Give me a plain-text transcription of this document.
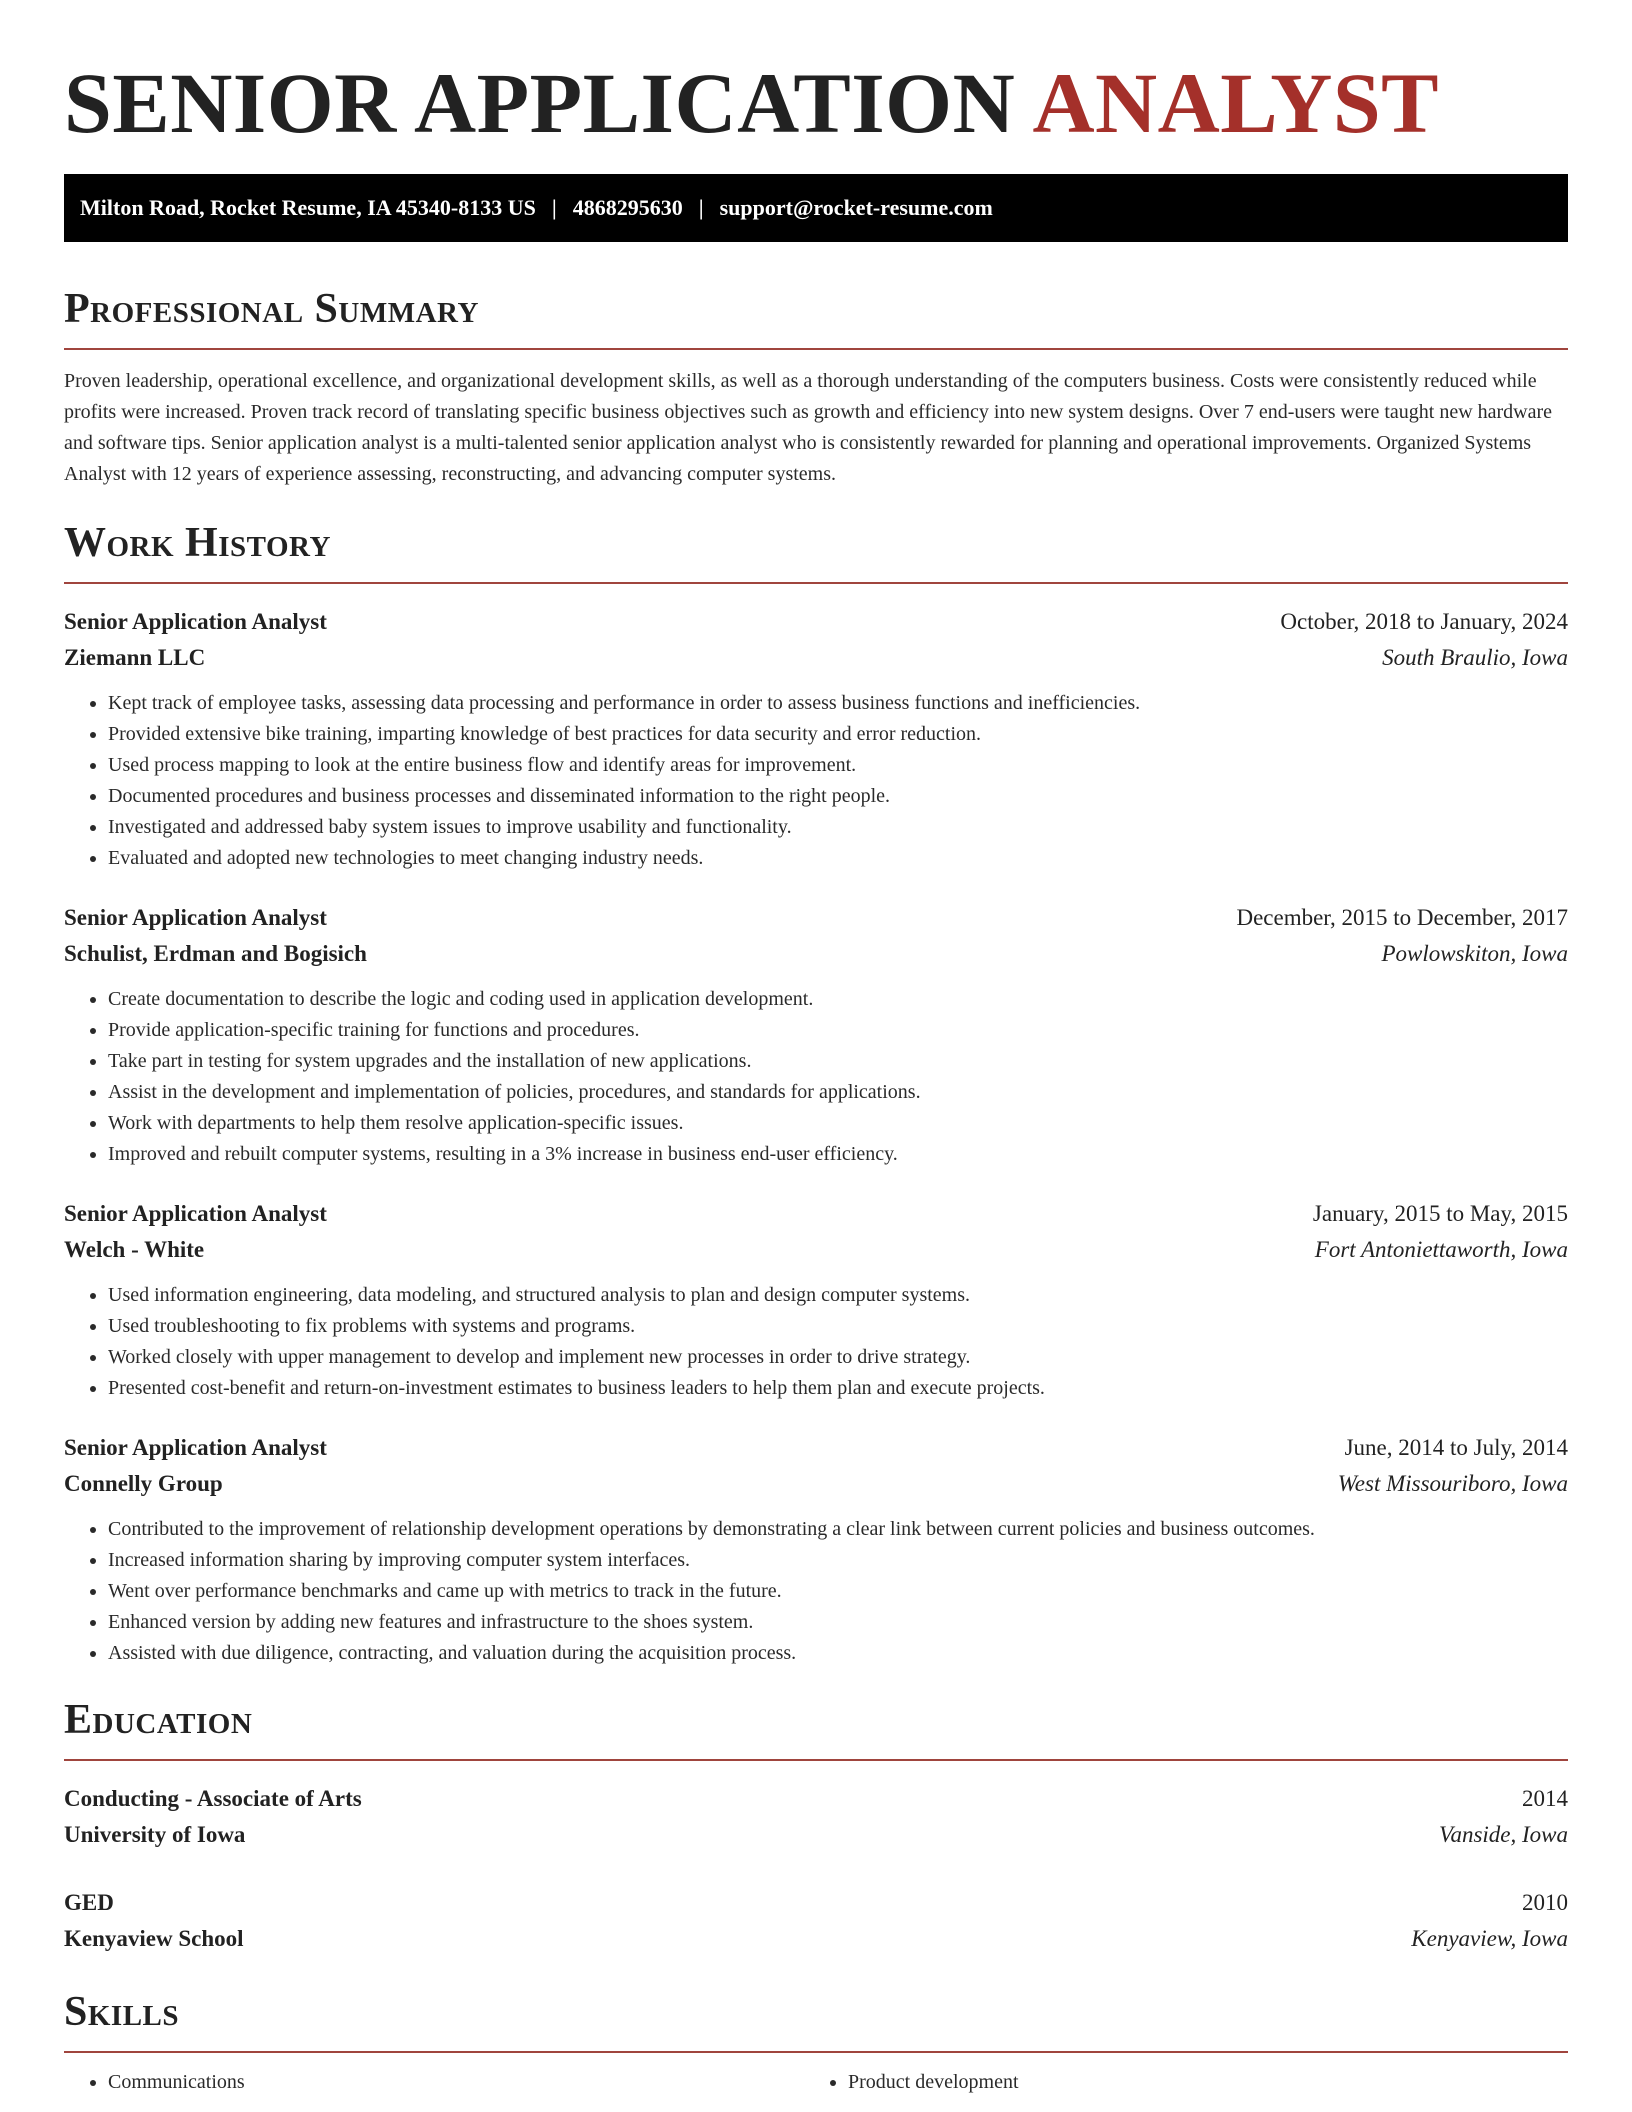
SENIOR APPLICATION ANALYST
Milton Road, Rocket Resume, IA 45340-8133 US | 4868295630 | support@rocket-resume.com
Professional Summary

Proven leadership, operational excellence, and organizational development skills, as well as a thorough understanding of the computers business. Costs were consistently reduced while profits were increased. Proven track record of translating specific business objectives such as growth and efficiency into new system designs. Over 7 end-users were taught new hardware and software tips. Senior application analyst is a multi-talented senior application analyst who is consistently rewarded for planning and operational improvements. Organized Systems Analyst with 12 years of experience assessing, reconstructing, and advancing computer systems.

Work History
Senior Application Analyst	October, 2018 to January, 2024
Ziemann LLC	South Braulio, Iowa
• Kept track of employee tasks, assessing data processing and performance in order to assess business functions and inefficiencies.
• Provided extensive bike training, imparting knowledge of best practices for data security and error reduction.
• Used process mapping to look at the entire business flow and identify areas for improvement.
• Documented procedures and business processes and disseminated information to the right people.
• Investigated and addressed baby system issues to improve usability and functionality.
• Evaluated and adopted new technologies to meet changing industry needs.
Senior Application Analyst	December, 2015 to December, 2017
Schulist, Erdman and Bogisich	Powlowskiton, Iowa
• Create documentation to describe the logic and coding used in application development.
• Provide application-specific training for functions and procedures.
• Take part in testing for system upgrades and the installation of new applications.
• Assist in the development and implementation of policies, procedures, and standards for applications.
• Work with departments to help them resolve application-specific issues.
• Improved and rebuilt computer systems, resulting in a 3% increase in business end-user efficiency.
Senior Application Analyst	January, 2015 to May, 2015
Welch - White	Fort Antoniettaworth, Iowa
• Used information engineering, data modeling, and structured analysis to plan and design computer systems.
• Used troubleshooting to fix problems with systems and programs.
• Worked closely with upper management to develop and implement new processes in order to drive strategy.
• Presented cost-benefit and return-on-investment estimates to business leaders to help them plan and execute projects.
Senior Application Analyst	June, 2014 to July, 2014
Connelly Group	West Missouriboro, Iowa
• Contributed to the improvement of relationship development operations by demonstrating a clear link between current policies and business outcomes.
• Increased information sharing by improving computer system interfaces.
• Went over performance benchmarks and came up with metrics to track in the future.
• Enhanced version by adding new features and infrastructure to the shoes system.
• Assisted with due diligence, contracting, and valuation during the acquisition process.
Education
Conducting - Associate of Arts	2014
University of Iowa	Vanside, Iowa
GED	2010
Kenyaview School	Kenyaview, Iowa
Skills
• Communications
•	Product development
